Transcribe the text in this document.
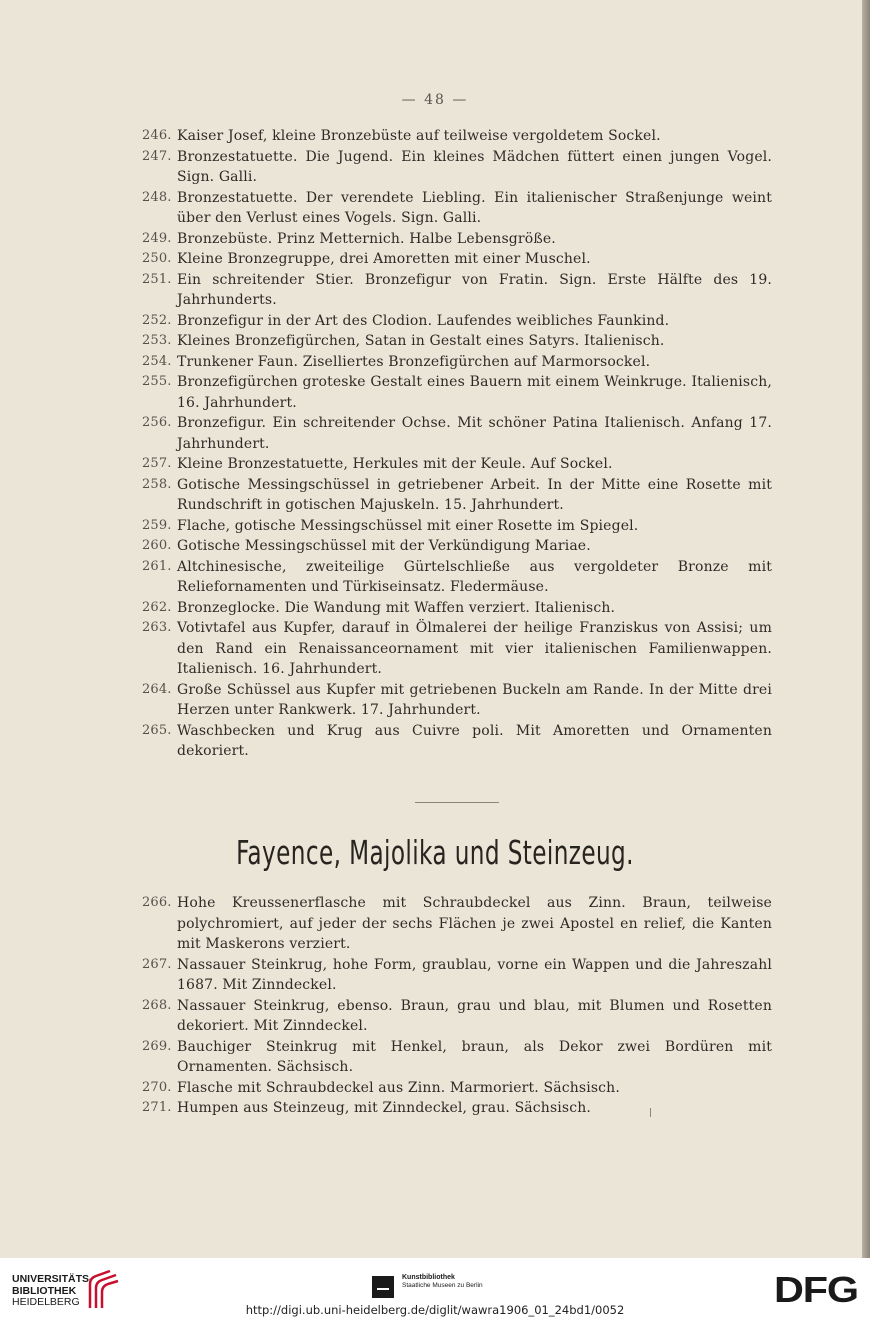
— 48 —
246. Kaiser Josef, kleine Bronzebüste auf teilweise vergoldetem Sockel.
247. Bronzestatuette. Die Jugend. Ein kleines Mädchen füttert einen jungen Vogel. Sign. Galli.
248. Bronzestatuette. Der verendete Liebling. Ein italienischer Straßenjunge weint über den Verlust eines Vogels. Sign. Galli.
249. Bronzebüste. Prinz Metternich. Halbe Lebensgröße.
250. Kleine Bronzegruppe, drei Amoretten mit einer Muschel.
251. Ein schreitender Stier. Bronzefigur von Fratin. Sign. Erste Hälfte des 19. Jahrhunderts.
252. Bronzefigur in der Art des Clodion. Laufendes weibliches Faunkind.
253. Kleines Bronzefigürchen, Satan in Gestalt eines Satyrs. Italienisch.
254. Trunkener Faun. Ziselliertes Bronzefigürchen auf Marmorsockel.
255. Bronzefigürchen groteske Gestalt eines Bauern mit einem Weinkruge. Italienisch, 16. Jahrhundert.
256. Bronzefigur. Ein schreitender Ochse. Mit schöner Patina Italienisch. Anfang 17. Jahrhundert.
257. Kleine Bronzestatuette, Herkules mit der Keule. Auf Sockel.
258. Gotische Messingschüssel in getriebener Arbeit. In der Mitte eine Rosette mit Rundschrift in gotischen Majuskeln. 15. Jahrhundert.
259. Flache, gotische Messingschüssel mit einer Rosette im Spiegel.
260. Gotische Messingschüssel mit der Verkündigung Mariae.
261. Altchinesische, zweiteilige Gürtelschließe aus vergoldeter Bronze mit Reliefornamenten und Türkiseinsatz. Fledermäuse.
262. Bronzeglocke. Die Wandung mit Waffen verziert. Italienisch.
263. Votivtafel aus Kupfer, darauf in Ölmalerei der heilige Franziskus von Assisi; um den Rand ein Renaissanceornament mit vier italienischen Familienwappen. Italienisch. 16. Jahrhundert.
264. Große Schüssel aus Kupfer mit getriebenen Buckeln am Rande. In der Mitte drei Herzen unter Rankwerk. 17. Jahrhundert.
265. Waschbecken und Krug aus Cuivre poli. Mit Amoretten und Ornamenten dekoriert.
Fayence, Majolika und Steinzeug.
266. Hohe Kreussenerflasche mit Schraubdeckel aus Zinn. Braun, teilweise polychromiert, auf jeder der sechs Flächen je zwei Apostel en relief, die Kanten mit Maskerons verziert.
267. Nassauer Steinkrug, hohe Form, graublau, vorne ein Wappen und die Jahreszahl 1687. Mit Zinndeckel.
268. Nassauer Steinkrug, ebenso. Braun, grau und blau, mit Blumen und Rosetten dekoriert. Mit Zinndeckel.
269. Bauchiger Steinkrug mit Henkel, braun, als Dekor zwei Bordüren mit Ornamenten. Sächsisch.
270. Flasche mit Schraubdeckel aus Zinn. Marmoriert. Sächsisch.
271. Humpen aus Steinzeug, mit Zinndeckel, grau. Sächsisch.
UNIVERSITÄTS-
BIBLIOTHEK
HEIDELBERG
Kunstbibliothek
Staatliche Museen zu Berlin	DFG
http://digi.ub.uni-heidelberg.de/diglit/wawra1906_01_24bd1/0052
